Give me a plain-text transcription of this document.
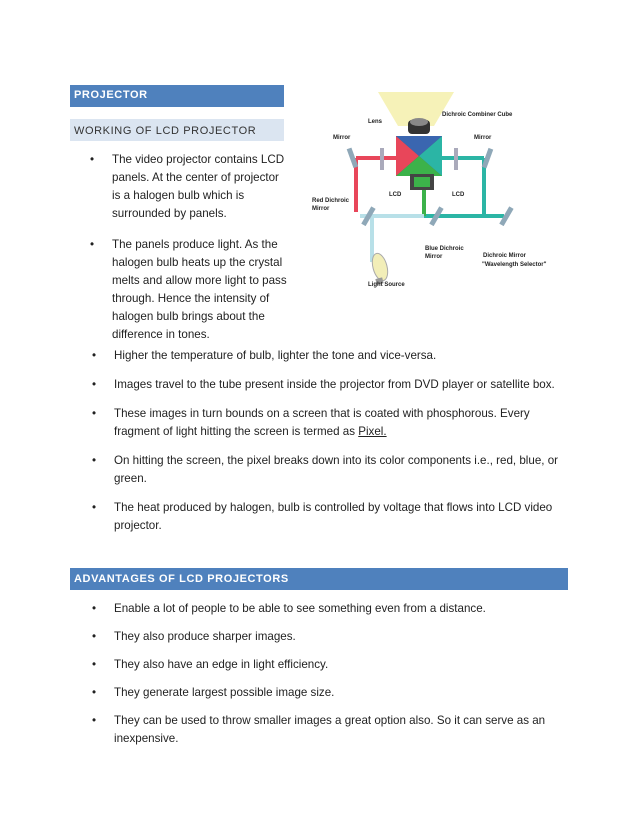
PROJECTOR
WORKING OF LCD PROJECTOR
• The video projector contains LCD panels. At the center of projector is a halogen bulb which is surrounded by panels.
• The panels produce light. As the halogen bulb heats up the crystal melts and allow more light to pass through. Hence the intensity of halogen bulb brings about the difference in tones.
Lens
Dichroic Combiner Cube
Mirror	Mirror
LCD	LCD
Red Dichroic
Mirror
Blue Dichroic
Mirror	Dichroic Mirror
"Wavelength Selector"
Light Source
• Higher the temperature of bulb, lighter the tone and vice-versa.
• Images travel to the tube present inside the projector from DVD player or satellite box.
• These images in turn bounds on a screen that is coated with phosphorous. Every fragment of light hitting the screen is termed as Pixel.
• On hitting the screen, the pixel breaks down into its color components i.e., red, blue, or green.
• The heat produced by halogen, bulb is controlled by voltage that flows into LCD video projector.
ADVANTAGES OF LCD PROJECTORS
• Enable a lot of people to be able to see something even from a distance.
• They also produce sharper images.
• They also have an edge in light efficiency.
• They generate largest possible image size.
• They can be used to throw smaller images a great option also. So it can serve as an inexpensive.
